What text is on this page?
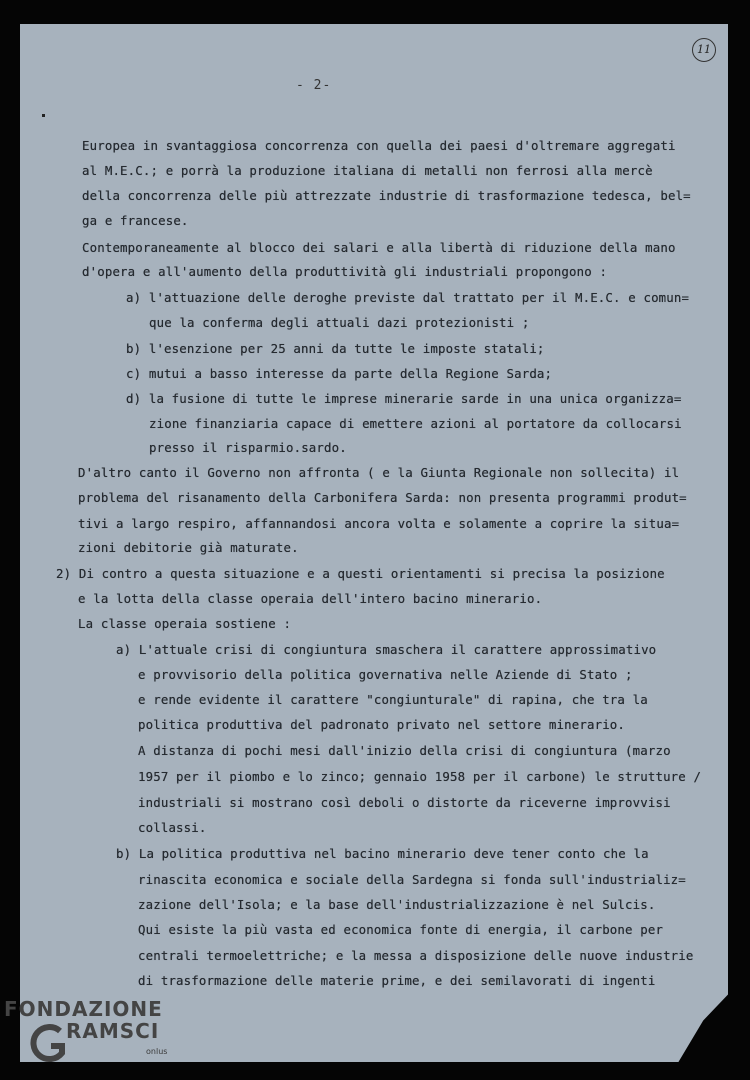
11
- 2-
Europea in svantaggiosa concorrenza con quella dei paesi d'oltremare aggregati
al M.E.C.; e porrà la produzione italiana di metalli non ferrosi alla mercè
della concorrenza delle più attrezzate industrie di trasformazione tedesca, bel=
ga e francese.
Contemporaneamente al blocco dei salari e alla libertà di riduzione della mano
d'opera e all'aumento della produttività gli industriali propongono :
a) l'attuazione delle deroghe previste dal trattato per il M.E.C. e comun=
que la conferma degli attuali dazi protezionisti ;
b) l'esenzione per 25 anni da tutte le imposte statali;
c) mutui a basso interesse da parte della Regione Sarda;
d) la fusione di tutte le imprese minerarie sarde in una unica organizza=
zione finanziaria capace di emettere azioni al portatore da collocarsi
presso il risparmio.sardo.
D'altro canto il Governo non affronta ( e la Giunta Regionale non sollecita) il
problema del risanamento della Carbonifera Sarda: non presenta programmi produt=
tivi a largo respiro, affannandosi ancora volta e solamente a coprire la situa=
zioni debitorie già maturate.
2) Di contro a questa situazione e a questi orientamenti si precisa la posizione
e la lotta della classe operaia dell'intero bacino minerario.
La classe operaia sostiene :
a) L'attuale crisi di congiuntura smaschera il carattere approssimativo
e provvisorio della politica governativa nelle Aziende di Stato ;
e rende evidente il carattere "congiunturale" di rapina, che tra la
politica produttiva del padronato privato nel settore minerario.
A distanza di pochi mesi dall'inizio della crisi di congiuntura (marzo
1957 per il piombo e lo zinco; gennaio 1958 per il carbone) le strutture /
industriali si mostrano così deboli o distorte da riceverne improvvisi
collassi.
b) La politica produttiva nel bacino minerario deve tener conto che la
rinascita economica e sociale della Sardegna si fonda sull'industrializ=
zazione dell'Isola; e la base dell'industrializzazione è nel Sulcis.
Qui esiste la più vasta ed economica fonte di energia, il carbone per
centrali termoelettriche; e la messa a disposizione delle nuove industrie
di trasformazione delle materie prime, e dei semilavorati di ingenti
FONDAZIONE
RAMSCI
onlus
